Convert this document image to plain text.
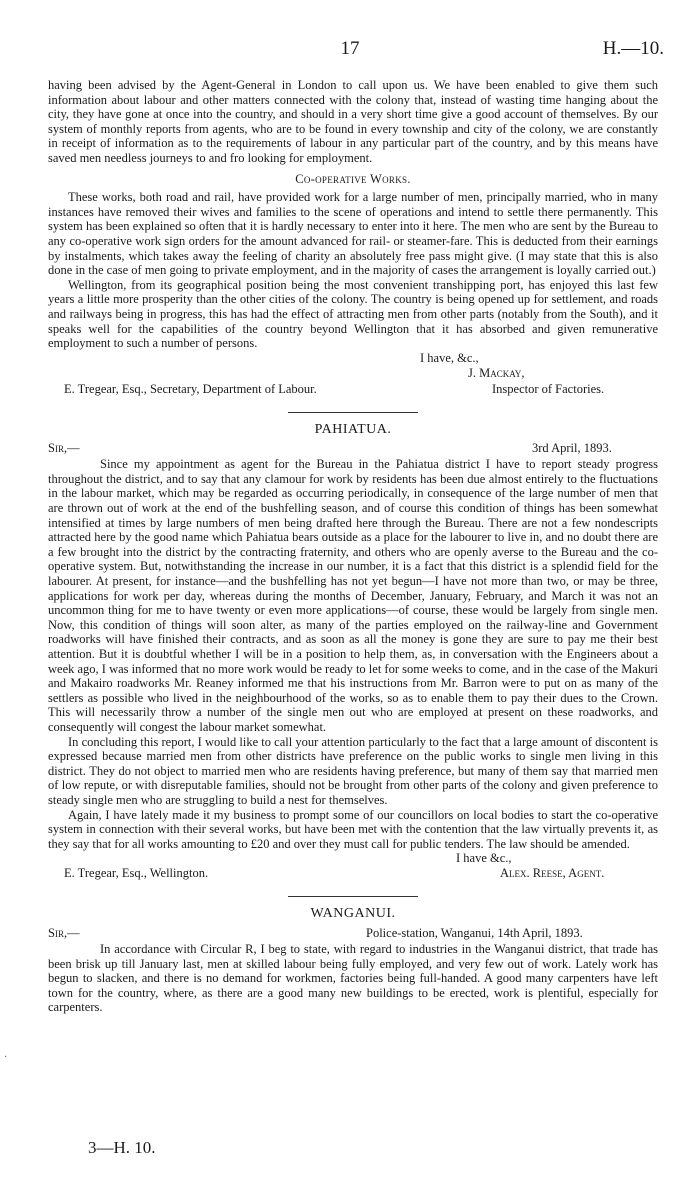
17	H.—10.

having been advised by the Agent-General in London to call upon us. We have been enabled to give them such information about labour and other matters connected with the colony that, instead of wasting time hanging about the city, they have gone at once into the country, and should in a very short time give a good account of themselves. By our system of monthly reports from agents, who are to be found in every township and city of the colony, we are constantly in receipt of information as to the requirements of labour in any particular part of the country, and by this means have saved men needless journeys to and fro looking for employment.

Co-operative Works.

These works, both road and rail, have provided work for a large number of men, principally married, who in many instances have removed their wives and families to the scene of operations and intend to settle there permanently. This system has been explained so often that it is hardly necessary to enter into it here. The men who are sent by the Bureau to any co-operative work sign orders for the amount advanced for rail- or steamer-fare. This is deducted from their earnings by instalments, which takes away the feeling of charity an absolutely free pass might give. (I may state that this is also done in the case of men going to private employment, and in the majority of cases the arrangement is loyally carried out.)

Wellington, from its geographical position being the most convenient transhipping port, has enjoyed this last few years a little more prosperity than the other cities of the colony. The country is being opened up for settlement, and roads and railways being in progress, this has had the effect of attracting men from other parts (notably from the South), and it speaks well for the capabilities of the country beyond Wellington that it has absorbed and given remunerative employment to such a number of persons.

I have, &c.,
J. Mackay,
E. Tregear, Esq., Secretary, Department of Labour.	Inspector of Factories.
PAHIATUA.
Sir,—	3rd April, 1893.

Since my appointment as agent for the Bureau in the Pahiatua district I have to report steady progress throughout the district, and to say that any clamour for work by residents has been due almost entirely to the fluctuations in the labour market, which may be regarded as occurring periodically, in consequence of the large number of men that are thrown out of work at the end of the bushfelling season, and of course this condition of things has been somewhat intensified at times by large numbers of men being drafted here through the Bureau. There are not a few nondescripts attracted here by the good name which Pahiatua bears outside as a place for the labourer to live in, and no doubt there are a few brought into the district by the contracting fraternity, and others who are openly averse to the Bureau and the co-operative system. But, notwithstanding the increase in our number, it is a fact that this district is a splendid field for the labourer. At present, for instance—and the bushfelling has not yet begun—I have not more than two, or may be three, applications for work per day, whereas during the months of December, January, February, and March it was not an uncommon thing for me to have twenty or even more applications—of course, these would be largely from single men. Now, this condition of things will soon alter, as many of the parties employed on the railway-line and Government roadworks will have finished their contracts, and as soon as all the money is gone they are sure to pay me their best attention. But it is doubtful whether I will be in a position to help them, as, in conversation with the Engineers about a week ago, I was informed that no more work would be ready to let for some weeks to come, and in the case of the Makuri and Makairo roadworks Mr. Reaney informed me that his instructions from Mr. Barron were to put on as many of the settlers as possible who lived in the neighbourhood of the works, so as to enable them to pay their dues to the Crown. This will necessarily throw a number of the single men out who are employed at present on these roadworks, and consequently will congest the labour market somewhat.

In concluding this report, I would like to call your attention particularly to the fact that a large amount of discontent is expressed because married men from other districts have preference on the public works to single men living in this district. They do not object to married men who are residents having preference, but many of them say that married men of low repute, or with disreputable families, should not be brought from other parts of the colony and given preference to steady single men who are struggling to build a nest for themselves.

Again, I have lately made it my business to prompt some of our councillors on local bodies to start the co-operative system in connection with their several works, but have been met with the contention that the law virtually prevents it, as they say that for all works amounting to £20 and over they must call for public tenders. The law should be amended.

I have &c.,
E. Tregear, Esq., Wellington.	Alex. Reese, Agent.
WANGANUI.
Sir,—	Police-station, Wanganui, 14th April, 1893.

In accordance with Circular R, I beg to state, with regard to industries in the Wanganui district, that trade has been brisk up till January last, men at skilled labour being fully employed, and very few out of work. Lately work has begun to slacken, and there is no demand for workmen, factories being full-handed. A good many carpenters have left town for the country, where, as there are a good many new buildings to be erected, work is plentiful, especially for carpenters.

3—H. 10.
·
